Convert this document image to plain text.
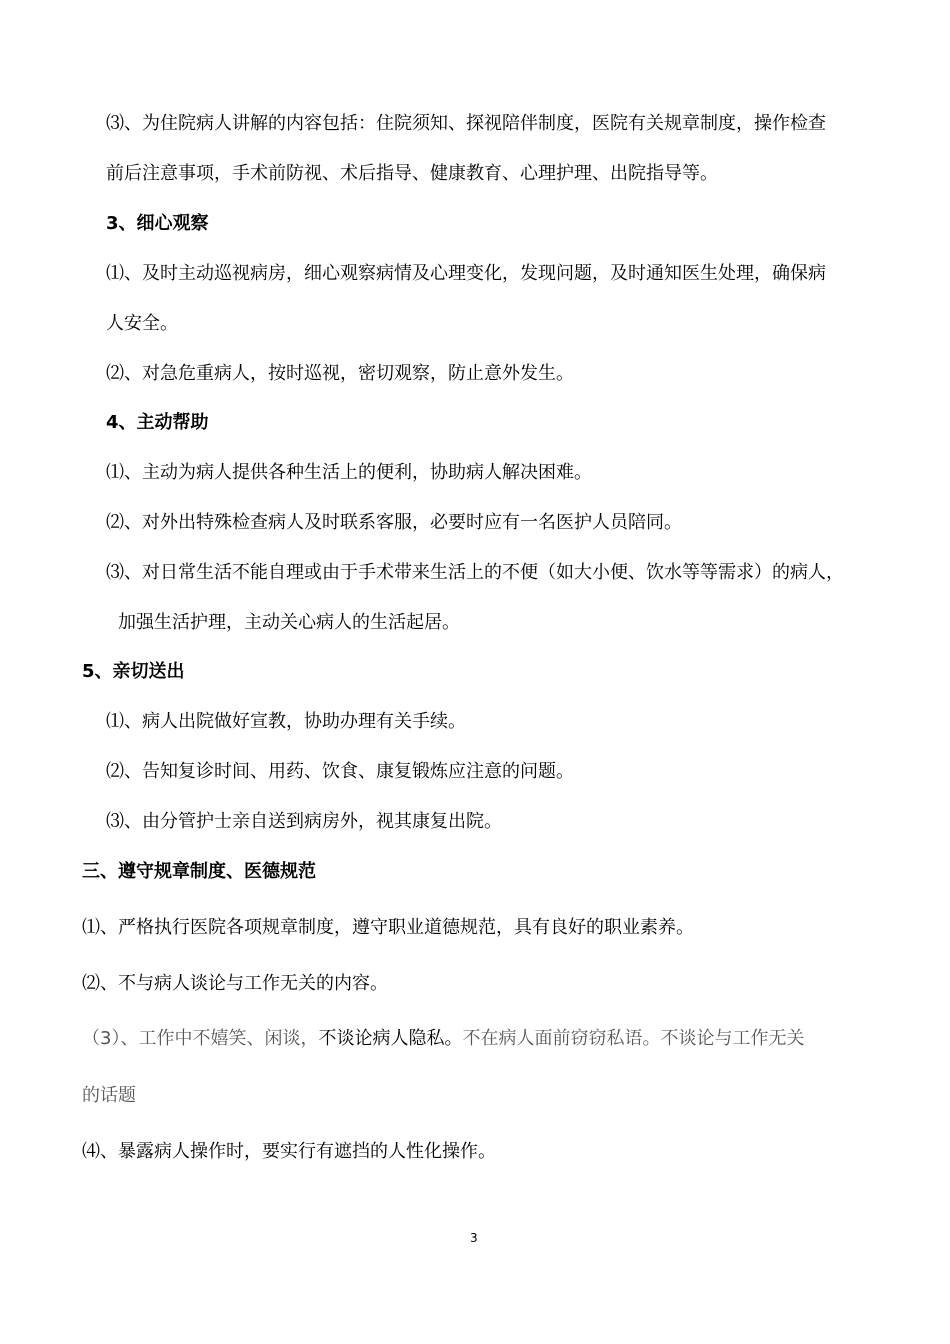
⑶、为住院病人讲解的内容包括：住院须知、探视陪伴制度，医院有关规章制度，操作检查
前后注意事项，手术前防视、术后指导、健康教育、心理护理、出院指导等。
3、细心观察
⑴、及时主动巡视病房，细心观察病情及心理变化，发现问题，及时通知医生处理，确保病
人安全。
⑵、对急危重病人，按时巡视，密切观察，防止意外发生。
4、主动帮助
⑴、主动为病人提供各种生活上的便利，协助病人解决困难。
⑵、对外出特殊检查病人及时联系客服，必要时应有一名医护人员陪同。
⑶、对日常生活不能自理或由于手术带来生活上的不便（如大小便、饮水等等需求）的病人，
加强生活护理，主动关心病人的生活起居。
5、亲切送出
⑴、病人出院做好宣教，协助办理有关手续。
⑵、告知复诊时间、用药、饮食、康复锻炼应注意的问题。
⑶、由分管护士亲自送到病房外，视其康复出院。
三、遵守规章制度、医德规范
⑴、严格执行医院各项规章制度，遵守职业道德规范，具有良好的职业素养。
⑵、不与病人谈论与工作无关的内容。
（3）、工作中不嬉笑、闲谈，不谈论病人隐私。不在病人面前窃窃私语。不谈论与工作无关
的话题
⑷、暴露病人操作时，要实行有遮挡的人性化操作。
3
